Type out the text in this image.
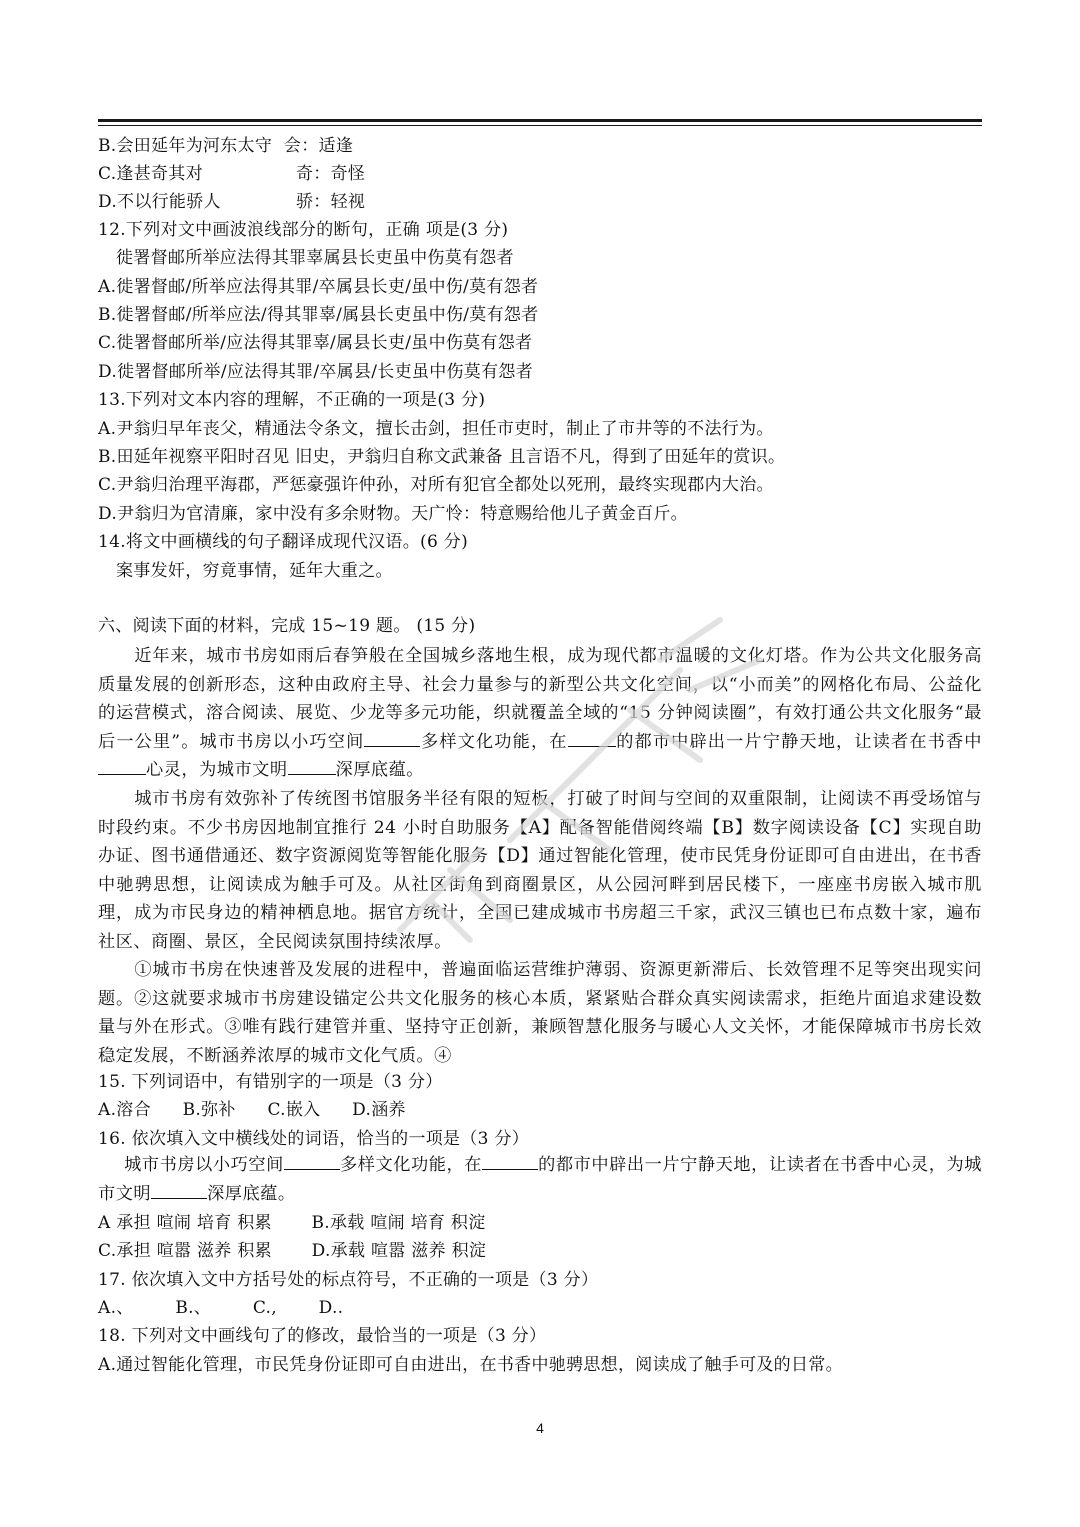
B.会田延年为河东太守 会：适逢
C.逢甚奇其对	奇：奇怪
D.不以行能骄人	骄：轻视
12.下列对文中画波浪线部分的断句，正确 项是(3 分)
徙署督邮所举应法得其罪辜属县长吏虽中伤莫有怨者
A.徙署督邮/所举应法得其罪/卒属县长吏/虽中伤/莫有怨者
B.徙署督邮/所举应法/得其罪辜/属县长吏虽中伤/莫有怨者
C.徙署督邮所举/应法得其罪辜/属县长吏/虽中伤莫有怨者
D.徙署督邮所举/应法得其罪/卒属县/长吏虽中伤莫有怨者
13.下列对文本内容的理解，不正确的一项是(3 分)
A.尹翁归早年丧父，精通法令条文，擅长击剑，担任市吏时，制止了市井等的不法行为。
B.田延年视察平阳时召见 旧史，尹翁归自称文武兼备 且言语不凡，得到了田延年的赏识。
C.尹翁归治理平海郡，严惩豪强许仲孙，对所有犯官全都处以死刑，最终实现郡内大治。
D.尹翁归为官清廉，家中没有多余财物。天广怜：特意赐给他儿子黄金百斤。
14.将文中画横线的句子翻译成现代汉语。(6 分)
案事发奸，穷竟事情，延年大重之。
六、阅读下面的材料，完成 15~19 题。 (15 分)
近年来，城市书房如雨后春笋般在全国城乡落地生根，成为现代都市温暖的文化灯塔。作为公共文化服务高质量发展的创新形态，这种由政府主导、社会力量参与的新型公共文化空间，以“小而美”的网格化布局、公益化的运营模式，溶合阅读、展览、少龙等多元功能，织就覆盖全域的“15 分钟阅读圈”，有效打通公共文化服务“最后一公里”。城市书房以小巧空间	多样文化功能，在	的都市中辟出一片宁静天地，让读者在书香中心灵，为城市文明	深厚底蕴。
城市书房有效弥补了传统图书馆服务半径有限的短板，打破了时间与空间的双重限制，让阅读不再受场馆与时段约束。不少书房因地制宜推行 24 小时自助服务【A】配备智能借阅终端【B】数字阅读设备【C】实现自助办证、图书通借通还、数字资源阅览等智能化服务【D】通过智能化管理，使市民凭身份证即可自由进出，在书香中驰骋思想，让阅读成为触手可及。从社区街角到商圈景区，从公园河畔到居民楼下，一座座书房嵌入城市肌理，成为市民身边的精神栖息地。据官方统计，全国已建成城市书房超三千家，武汉三镇也已布点数十家，遍布社区、商圈、景区，全民阅读氛围持续浓厚。
①城市书房在快速普及发展的进程中，普遍面临运营维护薄弱、资源更新滞后、长效管理不足等突出现实问题。②这就要求城市书房建设锚定公共文化服务的核心本质，紧紧贴合群众真实阅读需求，拒绝片面追求建设数量与外在形式。③唯有践行建管并重、坚持守正创新，兼顾智慧化服务与暖心人文关怀，才能保障城市书房长效稳定发展，不断涵养浓厚的城市文化气质。④
15. 下列词语中，有错别字的一项是（3 分）
A.溶合 B.弥补 C.嵌入 D.涵养
16. 依次填入文中横线处的词语，恰当的一项是（3 分）
城市书房以小巧空间	多样文化功能，在	的都市中辟出一片宁静天地，让读者在书香中心灵，为城市文明	深厚底蕴。
A 承担 喧闹 培育 积累 B.承载 喧闹 培育 积淀
C.承担 喧嚣 滋养 积累 D.承载 喧嚣 滋养 积淀
17. 依次填入文中方括号处的标点符号，不正确的一项是（3 分）
A.、 B.、 C., D..
18. 下列对文中画线句了的修改，最恰当的一项是（3 分）
A.通过智能化管理，市民凭身份证即可自由进出，在书香中驰骋思想，阅读成了触手可及的日常。
4
